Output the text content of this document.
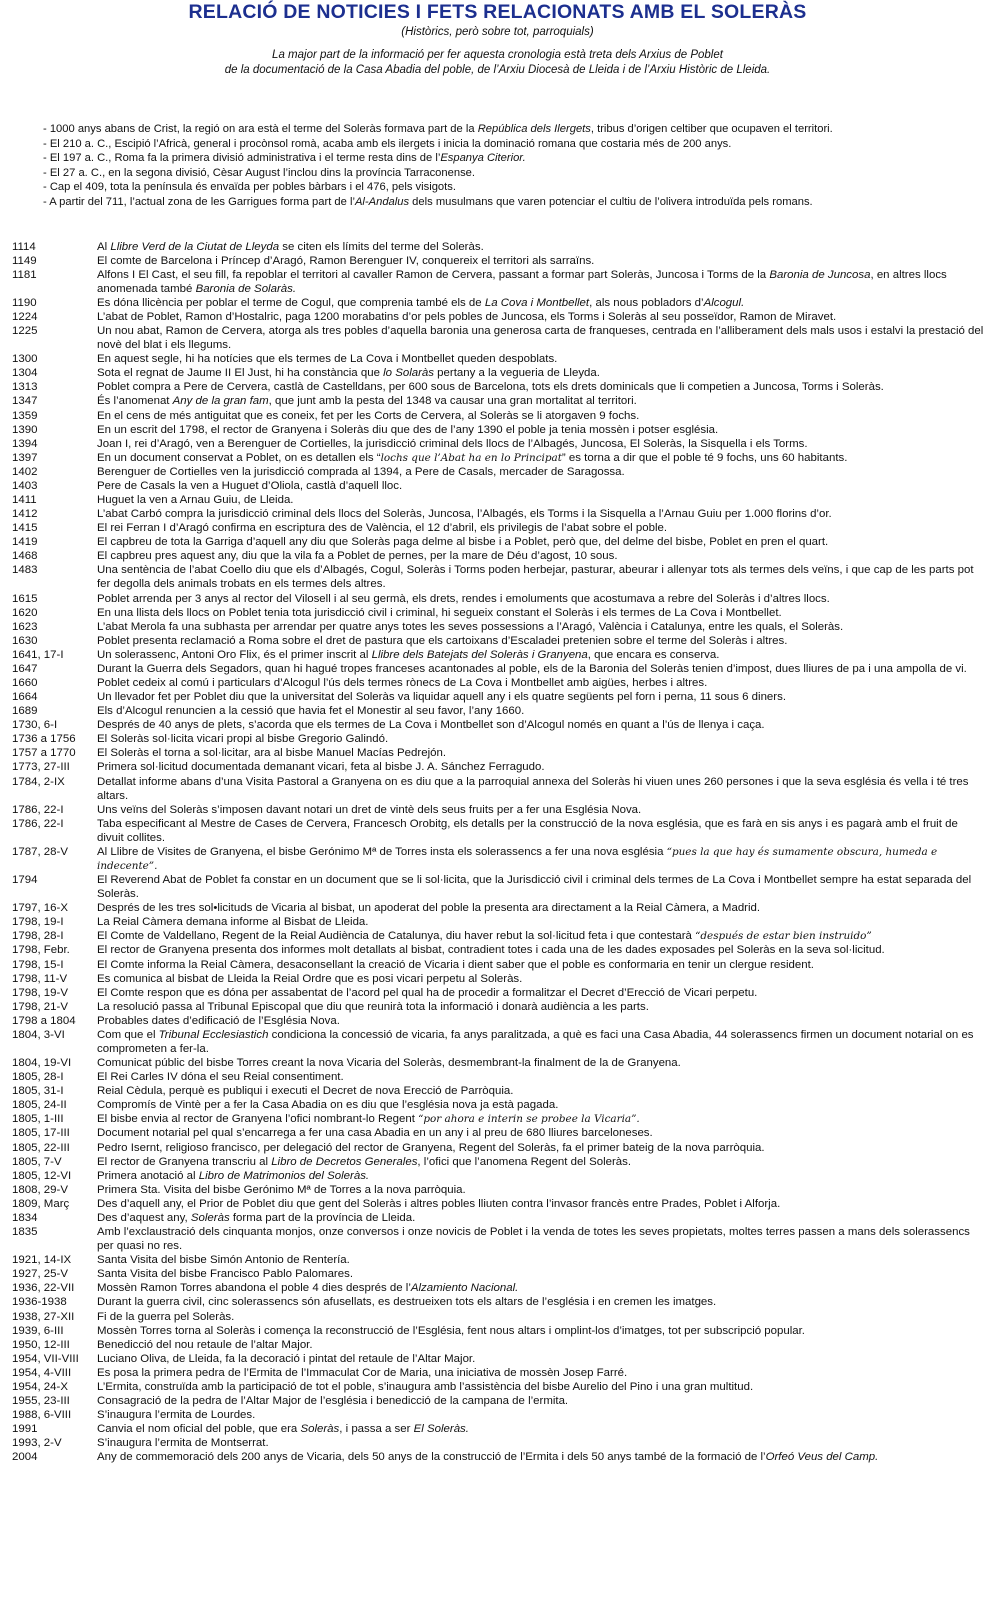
RELACIÓ DE NOTICIES I FETS RELACIONATS AMB EL SOLERÀS
(Històrics, però sobre tot, parroquials)
La major part de la informació per fer aquesta cronologia està treta dels Arxius de Poblet
de la documentació de la Casa Abadia del poble, de l’Arxiu Diocesà de Lleida i de l’Arxiu Històric de Lleida.
- 1000 anys abans de Crist, la regió on ara està el terme del Soleràs formava part de la República dels Ilergets, tribus d’origen celtiber que ocupaven el territori.
- El 210 a. C., Escipió l’Africà, general i procònsol romà, acaba amb els ilergets i inicia la dominació romana que costaria més de 200 anys.
- El 197 a. C., Roma fa la primera divisió administrativa i el terme resta dins de l’Espanya Citerior.
- El 27 a. C., en la segona divisió, Cèsar August l’inclou dins la província Tarraconense.
- Cap el 409, tota la península és envaïda per pobles bàrbars i el 476, pels visigots.
- A partir del 711, l’actual zona de les Garrigues forma part de l’Al-Andalus dels musulmans que varen potenciar el cultiu de l’olivera introduïda pels romans.
1114	Al Llibre Verd de la Ciutat de Lleyda se citen els límits del terme del Soleràs.
1149	El comte de Barcelona i Príncep d’Aragó, Ramon Berenguer IV, conquereix el territori als sarraïns.
1181	Alfons I El Cast, el seu fill, fa repoblar el territori al cavaller Ramon de Cervera, passant a formar part Soleràs, Juncosa i Torms de la Baronia de Juncosa, en altres llocs anomenada també Baronia de Solaràs.
1190	Es dóna llicència per poblar el terme de Cogul, que comprenia també els de La Cova i Montbellet, als nous pobladors d’Alcogul.
1224	L’abat de Poblet, Ramon d’Hostalric, paga 1200 morabatins d’or pels pobles de Juncosa, els Torms i Soleràs al seu posseïdor, Ramon de Miravet.
1225	Un nou abat, Ramon de Cervera, atorga als tres pobles d’aquella baronia una generosa carta de franqueses, centrada en l’alliberament dels mals usos i estalvi la prestació del novè del blat i els llegums.
1300	En aquest segle, hi ha notícies que els termes de La Cova i Montbellet queden despoblats.
1304	Sota el regnat de Jaume II El Just, hi ha constància que lo Solaràs pertany a la vegueria de Lleyda.
1313	Poblet compra a Pere de Cervera, castlà de Castelldans, per 600 sous de Barcelona, tots els drets dominicals que li competien a Juncosa, Torms i Soleràs.
1347	És l’anomenat Any de la gran fam, que junt amb la pesta del 1348 va causar una gran mortalitat al territori.
1359	En el cens de més antiguitat que es coneix, fet per les Corts de Cervera, al Soleràs se li atorgaven 9 fochs.
1390	En un escrit del 1798, el rector de Granyena i Soleràs diu que des de l’any 1390 el poble ja tenia mossèn i potser església.
1394	Joan I, rei d’Aragó, ven a Berenguer de Cortielles, la jurisdicció criminal dels llocs de l’Albagés, Juncosa, El Soleràs, la Sisquella i els Torms.
1397	En un document conservat a Poblet, on es detallen els “lochs que l’Abat ha en lo Principat” es torna a dir que el poble té 9 fochs, uns 60 habitants.
1402	Berenguer de Cortielles ven la jurisdicció comprada al 1394, a Pere de Casals, mercader de Saragossa.
1403	Pere de Casals la ven a Huguet d’Oliola, castlà d’aquell lloc.
1411	Huguet la ven a Arnau Guiu, de Lleida.
1412	L’abat Carbó compra la jurisdicció criminal dels llocs del Soleràs, Juncosa, l’Albagés, els Torms i la Sisquella a l’Arnau Guiu per 1.000 florins d’or.
1415	El rei Ferran I d’Aragó confirma en escriptura des de València, el 12 d’abril, els privilegis de l’abat sobre el poble.
1419	El capbreu de tota la Garriga d’aquell any diu que Soleràs paga delme al bisbe i a Poblet, però que, del delme del bisbe, Poblet en pren el quart.
1468	El capbreu pres aquest any, diu que la vila fa a Poblet de pernes, per la mare de Déu d’agost, 10 sous.
1483	Una sentència de l’abat Coello diu que els d’Albagés, Cogul, Soleràs i Torms poden herbejar, pasturar, abeurar i allenyar tots als termes dels veïns, i que cap de les parts pot fer degolla dels animals trobats en els termes dels altres.
1615	Poblet arrenda per 3 anys al rector del Vilosell i al seu germà, els drets, rendes i emoluments que acostumava a rebre del Soleràs i d’altres llocs.
1620	En una llista dels llocs on Poblet tenia tota jurisdicció civil i criminal, hi segueix constant el Soleràs i els termes de La Cova i Montbellet.
1623	L’abat Merola fa una subhasta per arrendar per quatre anys totes les seves possessions a l’Aragó, València i Catalunya, entre les quals, el Soleràs.
1630	Poblet presenta reclamació a Roma sobre el dret de pastura que els cartoixans d’Escaladei pretenien sobre el terme del Soleràs i altres.
1641, 17-I	Un solerassenc, Antoni Oro Flix, és el primer inscrit al Llibre dels Batejats del Soleràs i Granyena, que encara es conserva.
1647	Durant la Guerra dels Segadors, quan hi hagué tropes franceses acantonades al poble, els de la Baronia del Soleràs tenien d’impost, dues lliures de pa i una ampolla de vi.
1660	Poblet cedeix al comú i particulars d’Alcogul l’ús dels termes rònecs de La Cova i Montbellet amb aigües, herbes i altres.
1664	Un llevador fet per Poblet diu que la universitat del Soleràs va liquidar aquell any i els quatre següents pel forn i perna, 11 sous 6 diners.
1689	Els d’Alcogul renuncien a la cessió que havia fet el Monestir al seu favor, l’any 1660.
1730, 6-I	Després de 40 anys de plets, s’acorda que els termes de La Cova i Montbellet son d’Alcogul només en quant a l’ús de llenya i caça.
1736 a 1756	El Soleràs sol·licita vicari propi al bisbe Gregorio Galindó.
1757 a 1770	El Soleràs el torna a sol·licitar, ara al bisbe Manuel Macías Pedrejón.
1773, 27-III	Primera sol·licitud documentada demanant vicari, feta al bisbe J. A. Sánchez Ferragudo.
1784, 2-IX	Detallat informe abans d’una Visita Pastoral a Granyena on es diu que a la parroquial annexa del Soleràs hi viuen unes 260 persones i que la seva església és vella i té tres altars.
1786, 22-I	Uns veïns del Soleràs s’imposen davant notari un dret de vintè dels seus fruits per a fer una Església Nova.
1786, 22-I	Taba especificant al Mestre de Cases de Cervera, Francesch Orobitg, els detalls per la construcció de la nova església, que es farà en sis anys i es pagarà amb el fruit de divuit collites.
1787, 28-V	Al Llibre de Visites de Granyena, el bisbe Gerónimo Mª de Torres insta els solerassencs a fer una nova església “pues la que hay és sumamente obscura, humeda e indecente”.
1794	El Reverend Abat de Poblet fa constar en un document que se li sol·licita, que la Jurisdicció civil i criminal dels termes de La Cova i Montbellet sempre ha estat separada del Soleràs.
1797, 16-X	Després de les tres sol•licituds de Vicaria al bisbat, un apoderat del poble la presenta ara directament a la Reial Càmera, a Madrid.
1798, 19-I	La Reial Càmera demana informe al Bisbat de Lleida.
1798, 28-I	El Comte de Valdellano, Regent de la Reial Audiència de Catalunya, diu haver rebut la sol·licitud feta i que contestarà “después de estar bien instruido”
1798, Febr.	El rector de Granyena presenta dos informes molt detallats al bisbat, contradient totes i cada una de les dades exposades pel Soleràs en la seva sol·licitud.
1798, 15-I	El Comte informa la Reial Càmera, desaconsellant la creació de Vicaria i dient saber que el poble es conformaria en tenir un clergue resident.
1798, 11-V	Es comunica al bisbat de Lleida la Reial Ordre que es posi vicari perpetu al Soleràs.
1798, 19-V	El Comte respon que es dóna per assabentat de l’acord pel qual ha de procedir a formalitzar el Decret d’Erecció de Vicari perpetu.
1798, 21-V	La resolució passa al Tribunal Episcopal que diu que reunirà tota la informació i donarà audiència a les parts.
1798 a 1804	Probables dates d’edificació de l’Església Nova.
1804, 3-VI	Com que el Tribunal Ecclesiastich condiciona la concessió de vicaria, fa anys paralitzada, a què es faci una Casa Abadia, 44 solerassencs firmen un document notarial on es comprometen a fer-la.
1804, 19-VI	Comunicat públic del bisbe Torres creant la nova Vicaria del Soleràs, desmembrant-la finalment de la de Granyena.
1805, 28-I	El Rei Carles IV dóna el seu Reial consentiment.
1805, 31-I	Reial Cèdula, perquè es publiqui i executi el Decret de nova Erecció de Parròquia.
1805, 24-II	Compromís de Vintè per a fer la Casa Abadia on es diu que l’església nova ja està pagada.
1805, 1-III	El bisbe envia al rector de Granyena l’ofici nombrant-lo Regent “por ahora e interin se probee la Vicaria”.
1805, 17-III	Document notarial pel qual s’encarrega a fer una casa Abadia en un any i al preu de 680 lliures barceloneses.
1805, 22-III	Pedro Isernt, religioso francisco, per delegació del rector de Granyena, Regent del Soleràs, fa el primer bateig de la nova parròquia.
1805, 7-V	El rector de Granyena transcriu al Libro de Decretos Generales, l’ofici que l’anomena Regent del Soleràs.
1805, 12-VI	Primera anotació al Libro de Matrimonios del Soleràs.
1808, 29-V	Primera Sta. Visita del bisbe Gerónimo Mª de Torres a la nova parròquia.
1809, Març	Des d’aquell any, el Prior de Poblet diu que gent del Soleràs i altres pobles lliuten contra l’invasor francès entre Prades, Poblet i Alforja.
1834	Des d’aquest any, Soleràs forma part de la província de Lleida.
1835	Amb l’exclaustració dels cinquanta monjos, onze conversos i onze novicis de Poblet i la venda de totes les seves propietats, moltes terres passen a mans dels solerassencs per quasi no res.
1921, 14-IX	Santa Visita del bisbe Simón Antonio de Rentería.
1927, 25-V	Santa Visita del bisbe Francisco Pablo Palomares.
1936, 22-VII	Mossèn Ramon Torres abandona el poble 4 dies després de l’Alzamiento Nacional.
1936-1938	Durant la guerra civil, cinc solerassencs són afusellats, es destrueixen tots els altars de l’església i en cremen les imatges.
1938, 27-XII	Fi de la guerra pel Soleràs.
1939, 6-III	Mossèn Torres torna al Soleràs i comença la reconstrucció de l’Església, fent nous altars i omplint-los d’imatges, tot per subscripció popular.
1950, 12-III	Benedicció del nou retaule de l’altar Major.
1954, VII-VIII	Luciano Oliva, de Lleida, fa la decoració i pintat del retaule de l’Altar Major.
1954, 4-VIII	Es posa la primera pedra de l’Ermita de l’Immaculat Cor de Maria, una iniciativa de mossèn Josep Farré.
1954, 24-X	L’Ermita, construïda amb la participació de tot el poble, s’inaugura amb l’assistència del bisbe Aurelio del Pino i una gran multitud.
1955, 23-III	Consagració de la pedra de l’Altar Major de l’església i benedicció de la campana de l’ermita.
1988, 6-VIII	S’inaugura l’ermita de Lourdes.
1991	Canvia el nom oficial del poble, que era Soleràs, i passa a ser El Soleràs.
1993, 2-V	S’inaugura l’ermita de Montserrat.
2004	Any de commemoració dels 200 anys de Vicaria, dels 50 anys de la construcció de l’Ermita i dels 50 anys també de la formació de l’Orfeó Veus del Camp.
